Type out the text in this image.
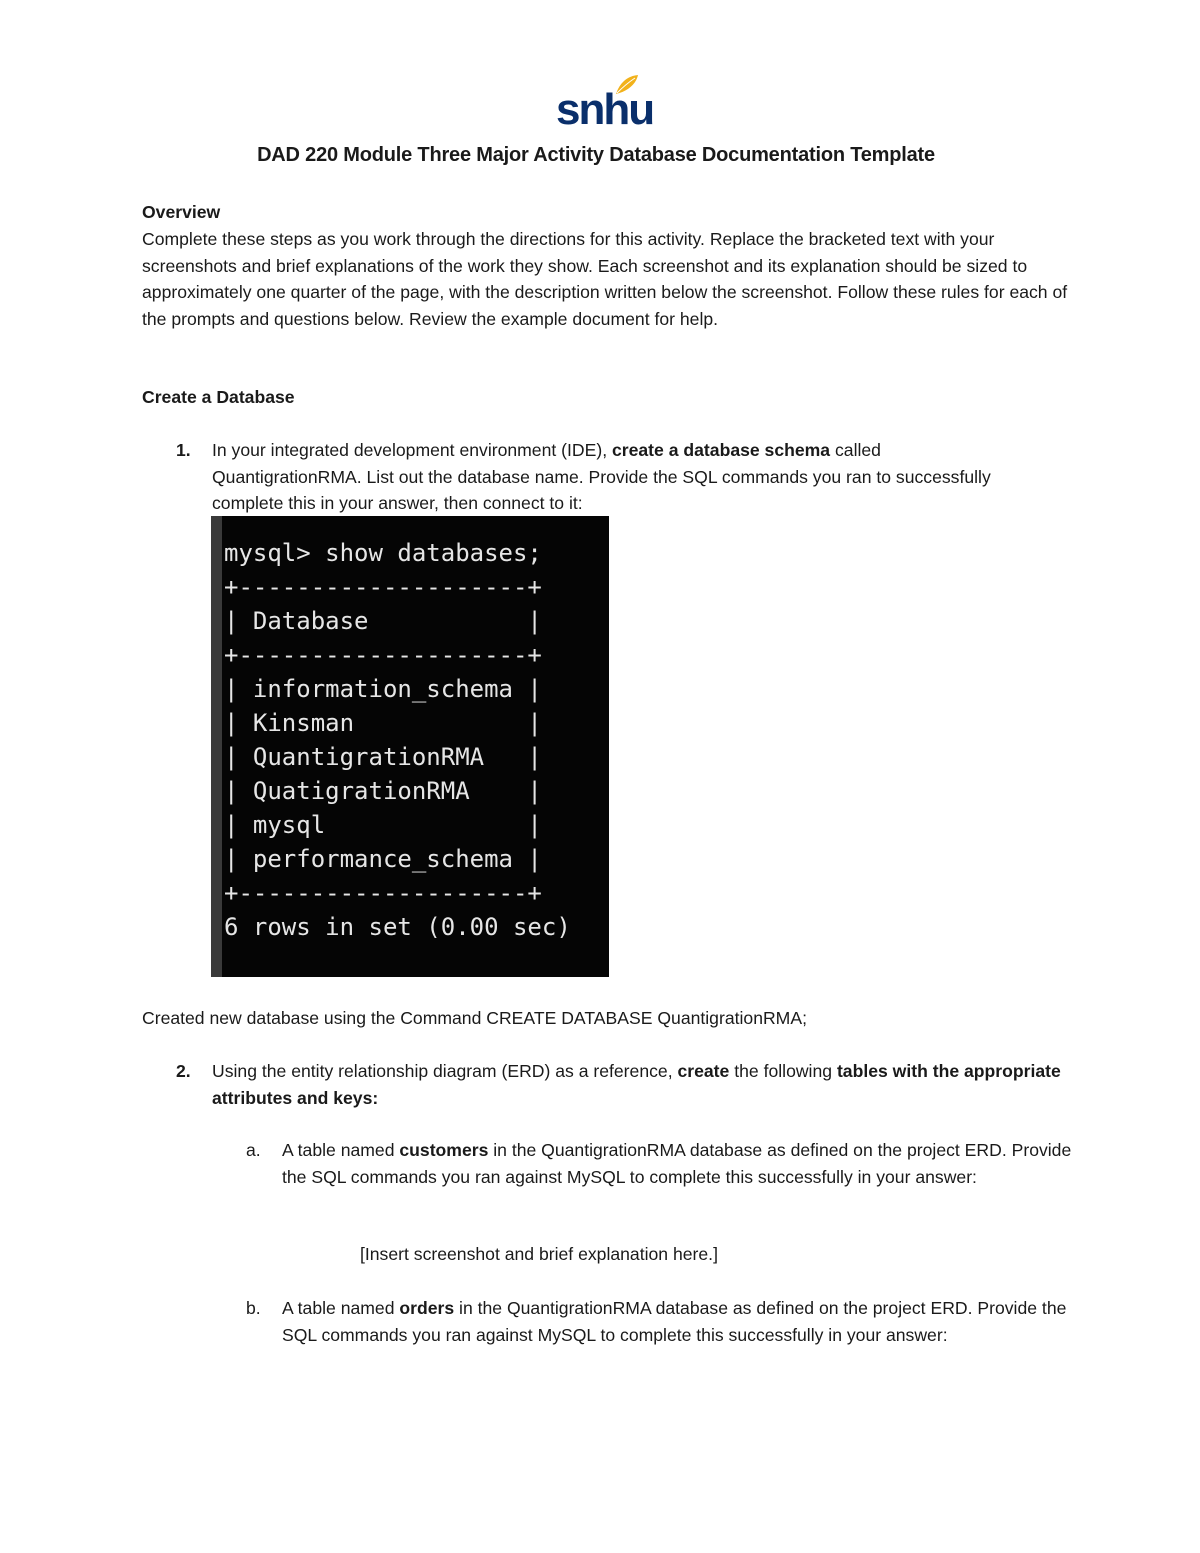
snhu
DAD 220 Module Three Major Activity Database Documentation Template
Overview
Complete these steps as you work through the directions for this activity. Replace the bracketed text with your screenshots and brief explanations of the work they show. Each screenshot and its explanation should be sized to approximately one quarter of the page, with the description written below the screenshot. Follow these rules for each of the prompts and questions below. Review the example document for help.
Create a Database
1. In your integrated development environment (IDE), create a database schema called QuantigrationRMA. List out the database name. Provide the SQL commands you ran to successfully complete this in your answer, then connect to it:
mysql> show databases;
+--------------------+
| Database           |
+--------------------+
| information_schema |
| Kinsman            |
| QuantigrationRMA   |
| QuatigrationRMA    |
| mysql              |
| performance_schema |
+--------------------+
6 rows in set (0.00 sec)
Created new database using the Command CREATE DATABASE QuantigrationRMA;
2. Using the entity relationship diagram (ERD) as a reference, create the following tables with the appropriate attributes and keys:
a. A table named customers in the QuantigrationRMA database as defined on the project ERD. Provide the SQL commands you ran against MySQL to complete this successfully in your answer:
[Insert screenshot and brief explanation here.]
b. A table named orders in the QuantigrationRMA database as defined on the project ERD. Provide the SQL commands you ran against MySQL to complete this successfully in your answer:
